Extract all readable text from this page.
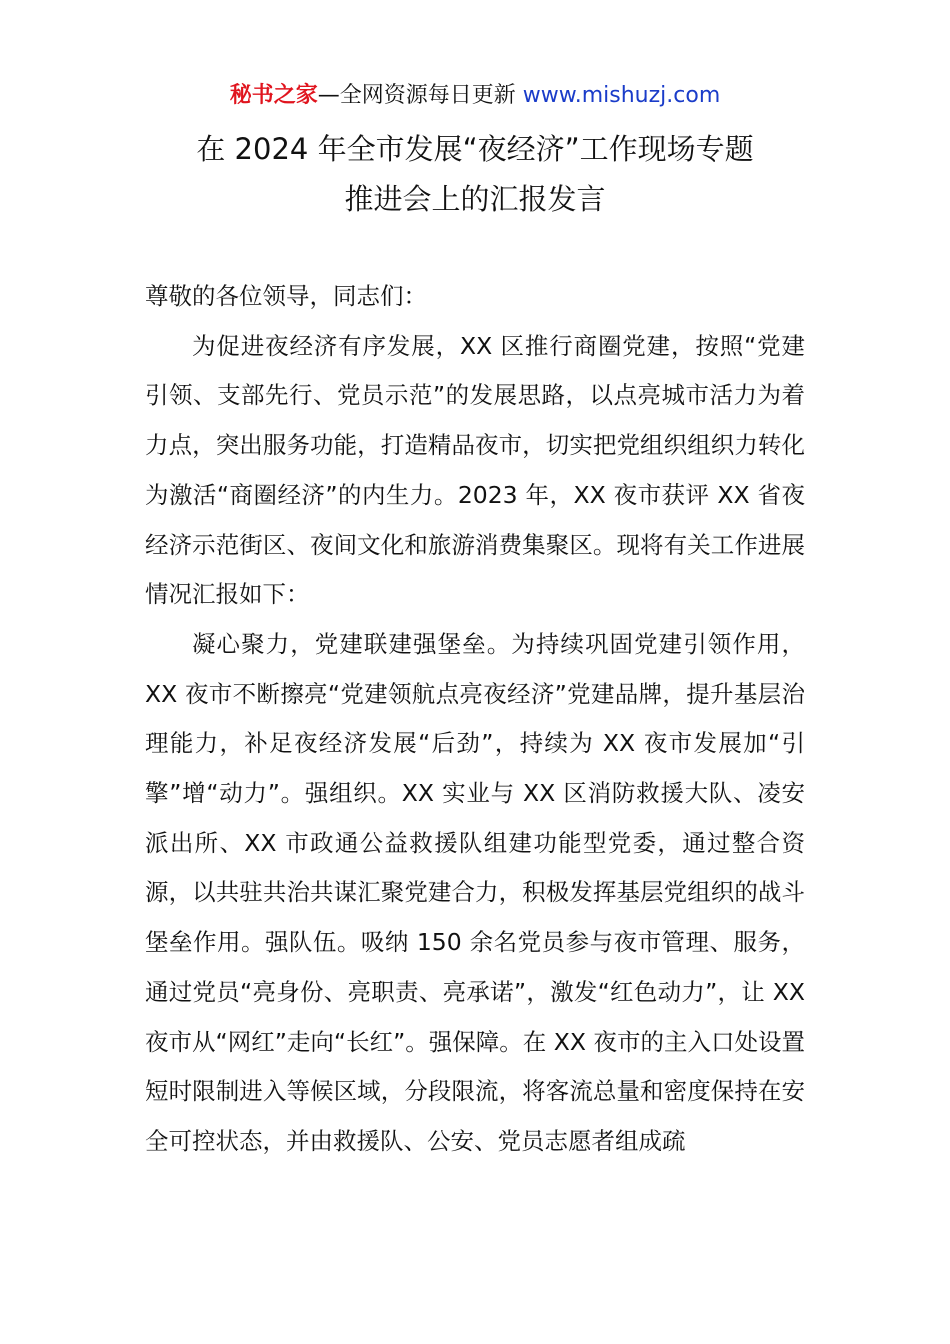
秘书之家—全网资源每日更新 www.mishuzj.com
在 2024 年全市发展“夜经济”工作现场专题
推进会上的汇报发言

尊敬的各位领导，同志们：

为促进夜经济有序发展，XX 区推行商圈党建，按照“党建引领、支部先行、党员示范”的发展思路，以点亮城市活力为着力点，突出服务功能，打造精品夜市，切实把党组织组织力转化为激活“商圈经济”的内生力。2023 年，XX 夜市获评 XX 省夜经济示范街区、夜间文化和旅游消费集聚区。现将有关工作进展情况汇报如下：

凝心聚力，党建联建强堡垒。为持续巩固党建引领作用，XX 夜市不断擦亮“党建领航点亮夜经济”党建品牌，提升基层治理能力，补足夜经济发展“后劲”，持续为 XX 夜市发展加“引擎”增“动力”。强组织。XX 实业与 XX 区消防救援大队、凌安派出所、XX 市政通公益救援队组建功能型党委，通过整合资源，以共驻共治共谋汇聚党建合力，积极发挥基层党组织的战斗堡垒作用。强队伍。吸纳 150 余名党员参与夜市管理、服务，通过党员“亮身份、亮职责、亮承诺”，激发“红色动力”，让 XX 夜市从“网红”走向“长红”。强保障。在 XX 夜市的主入口处设置短时限制进入等候区域，分段限流，将客流总量和密度保持在安全可控状态，并由救援队、公安、党员志愿者组成疏
